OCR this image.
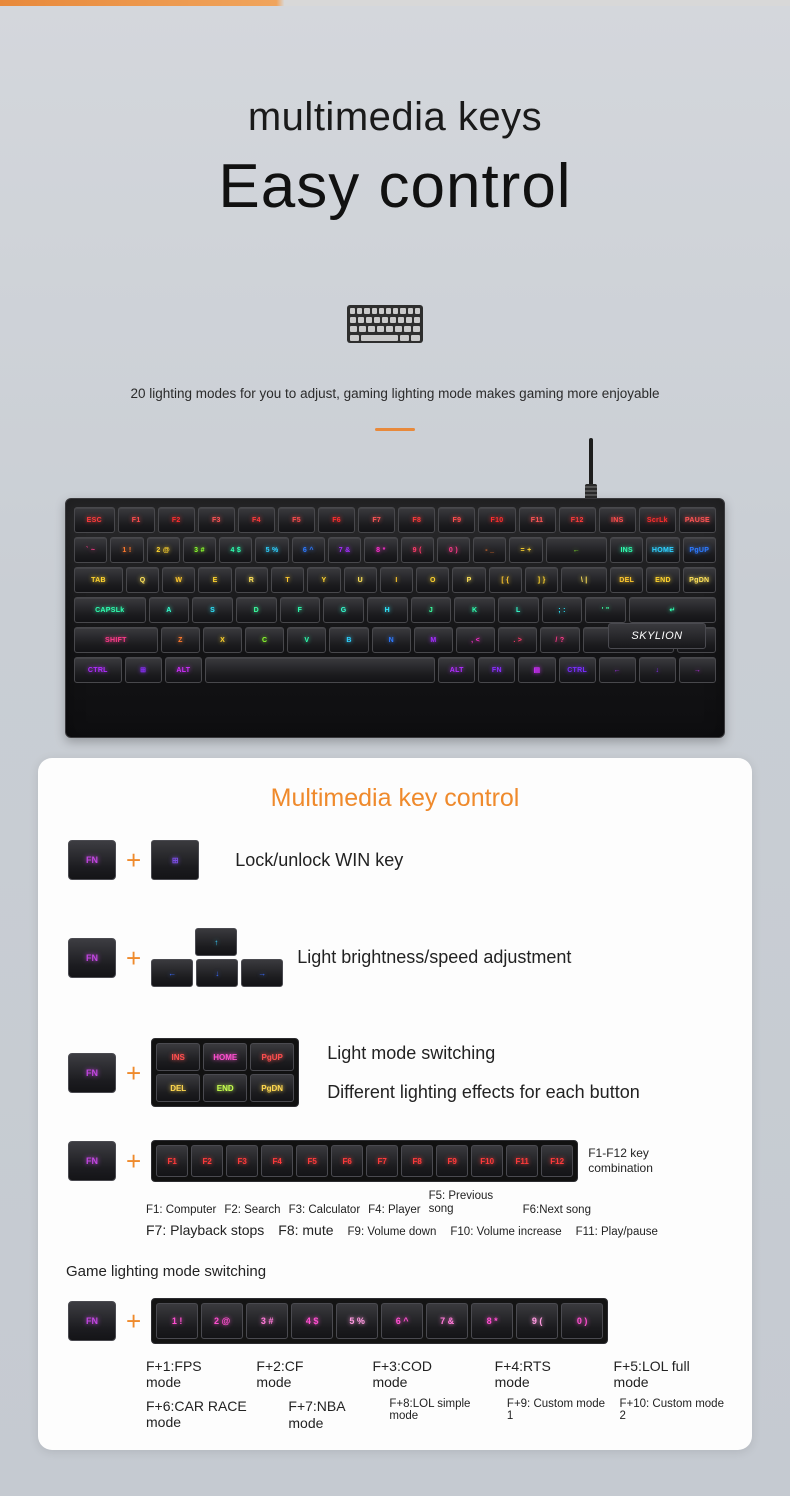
multimedia keys
Easy control
20 lighting modes for you to adjust, gaming lighting mode makes gaming more enjoyable
ESC	F1	F2	F3	F4	F5	F6	F7	F8	F9	F10	F11	F12	INS	ScrLk	PAUSE
` ~	1 !	2 @	3 #	4 $	5 %	6 ^	7 &	8 *	9 (	0 )	- _	= +	←	INS	HOME	PgUP
TAB	Q	W	E	R	T	Y	U	I	O	P	[ {	] }	\ |	DEL	END	PgDN
CAPSLk	A	S	D	F	G	H	J	K	L	; :	' "	↵
SHIFT	Z	X	C	V	B	N	M	, <	. >	/ ?
CTRL	⊞	ALT	ALT	FN	▤	CTRL	←	↓	→
SKYLION
Multimedia key control
FN	+	⊞	Lock/unlock WIN key
FN	+
↑
←	↓	→
Light brightness/speed adjustment
FN	+
INS	HOME	PgUP
DEL	END	PgDN
Light mode switching
Different lighting effects for each button
FN	+	F1	F2	F3	F4	F5	F6	F7	F8	F9	F10	F11	F12
F1-F12 key
combination
F1: Computer F2: Search F3: Calculator F4: Player
F5: Previous song	F6:Next song
F7: Playback stops F8: mute F9: Volume down F10: Volume increase F11: Play/pause
Game lighting mode switching
FN	+	1 !	2 @	3 #	4 $	5 %	6 ^	7 &	8 *	9 (	0 )
F+1:FPS mode
F+2:CF mode
F+3:COD mode
F+4:RTS mode
F+5:LOL full mode
F+6:CAR RACE mode
F+7:NBA mode
F+8:LOL simple mode
F+9: Custom mode 1
F+10: Custom mode 2
